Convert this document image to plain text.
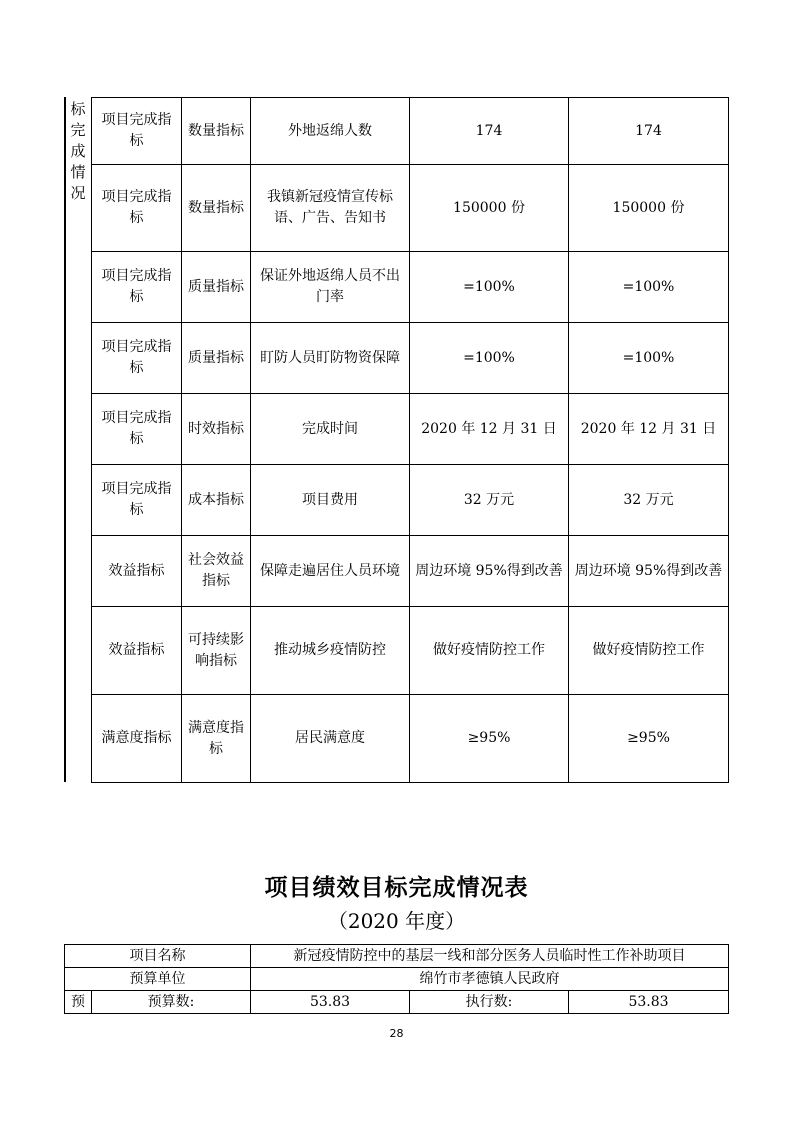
标完成情况
项目完成指标	数量指标	外地返绵人数	174	174
项目完成指标	数量指标	我镇新冠疫情宣传标语、广告、告知书	150000 份	150000 份
项目完成指标	质量指标	保证外地返绵人员不出门率	=100%	=100%
项目完成指标	质量指标	盯防人员盯防物资保障	=100%	=100%
项目完成指标	时效指标	完成时间	2020 年 12 月 31 日	2020 年 12 月 31 日
项目完成指标	成本指标	项目费用	32 万元	32 万元
效益指标	社会效益指标	保障走遍居住人员环境	周边环境 95%得到改善	周边环境 95%得到改善
效益指标	可持续影响指标	推动城乡疫情防控	做好疫情防控工作	做好疫情防控工作
满意度指标	满意度指标	居民满意度	≥95%	≥95%
项目绩效目标完成情况表
（2020 年度）
项目名称		新冠疫情防控中的基层一线和部分医务人员临时性工作补助项目		
预算单位		绵竹市孝德镇人民政府		
预	预算数:	53.83	执行数:	53.83
28
